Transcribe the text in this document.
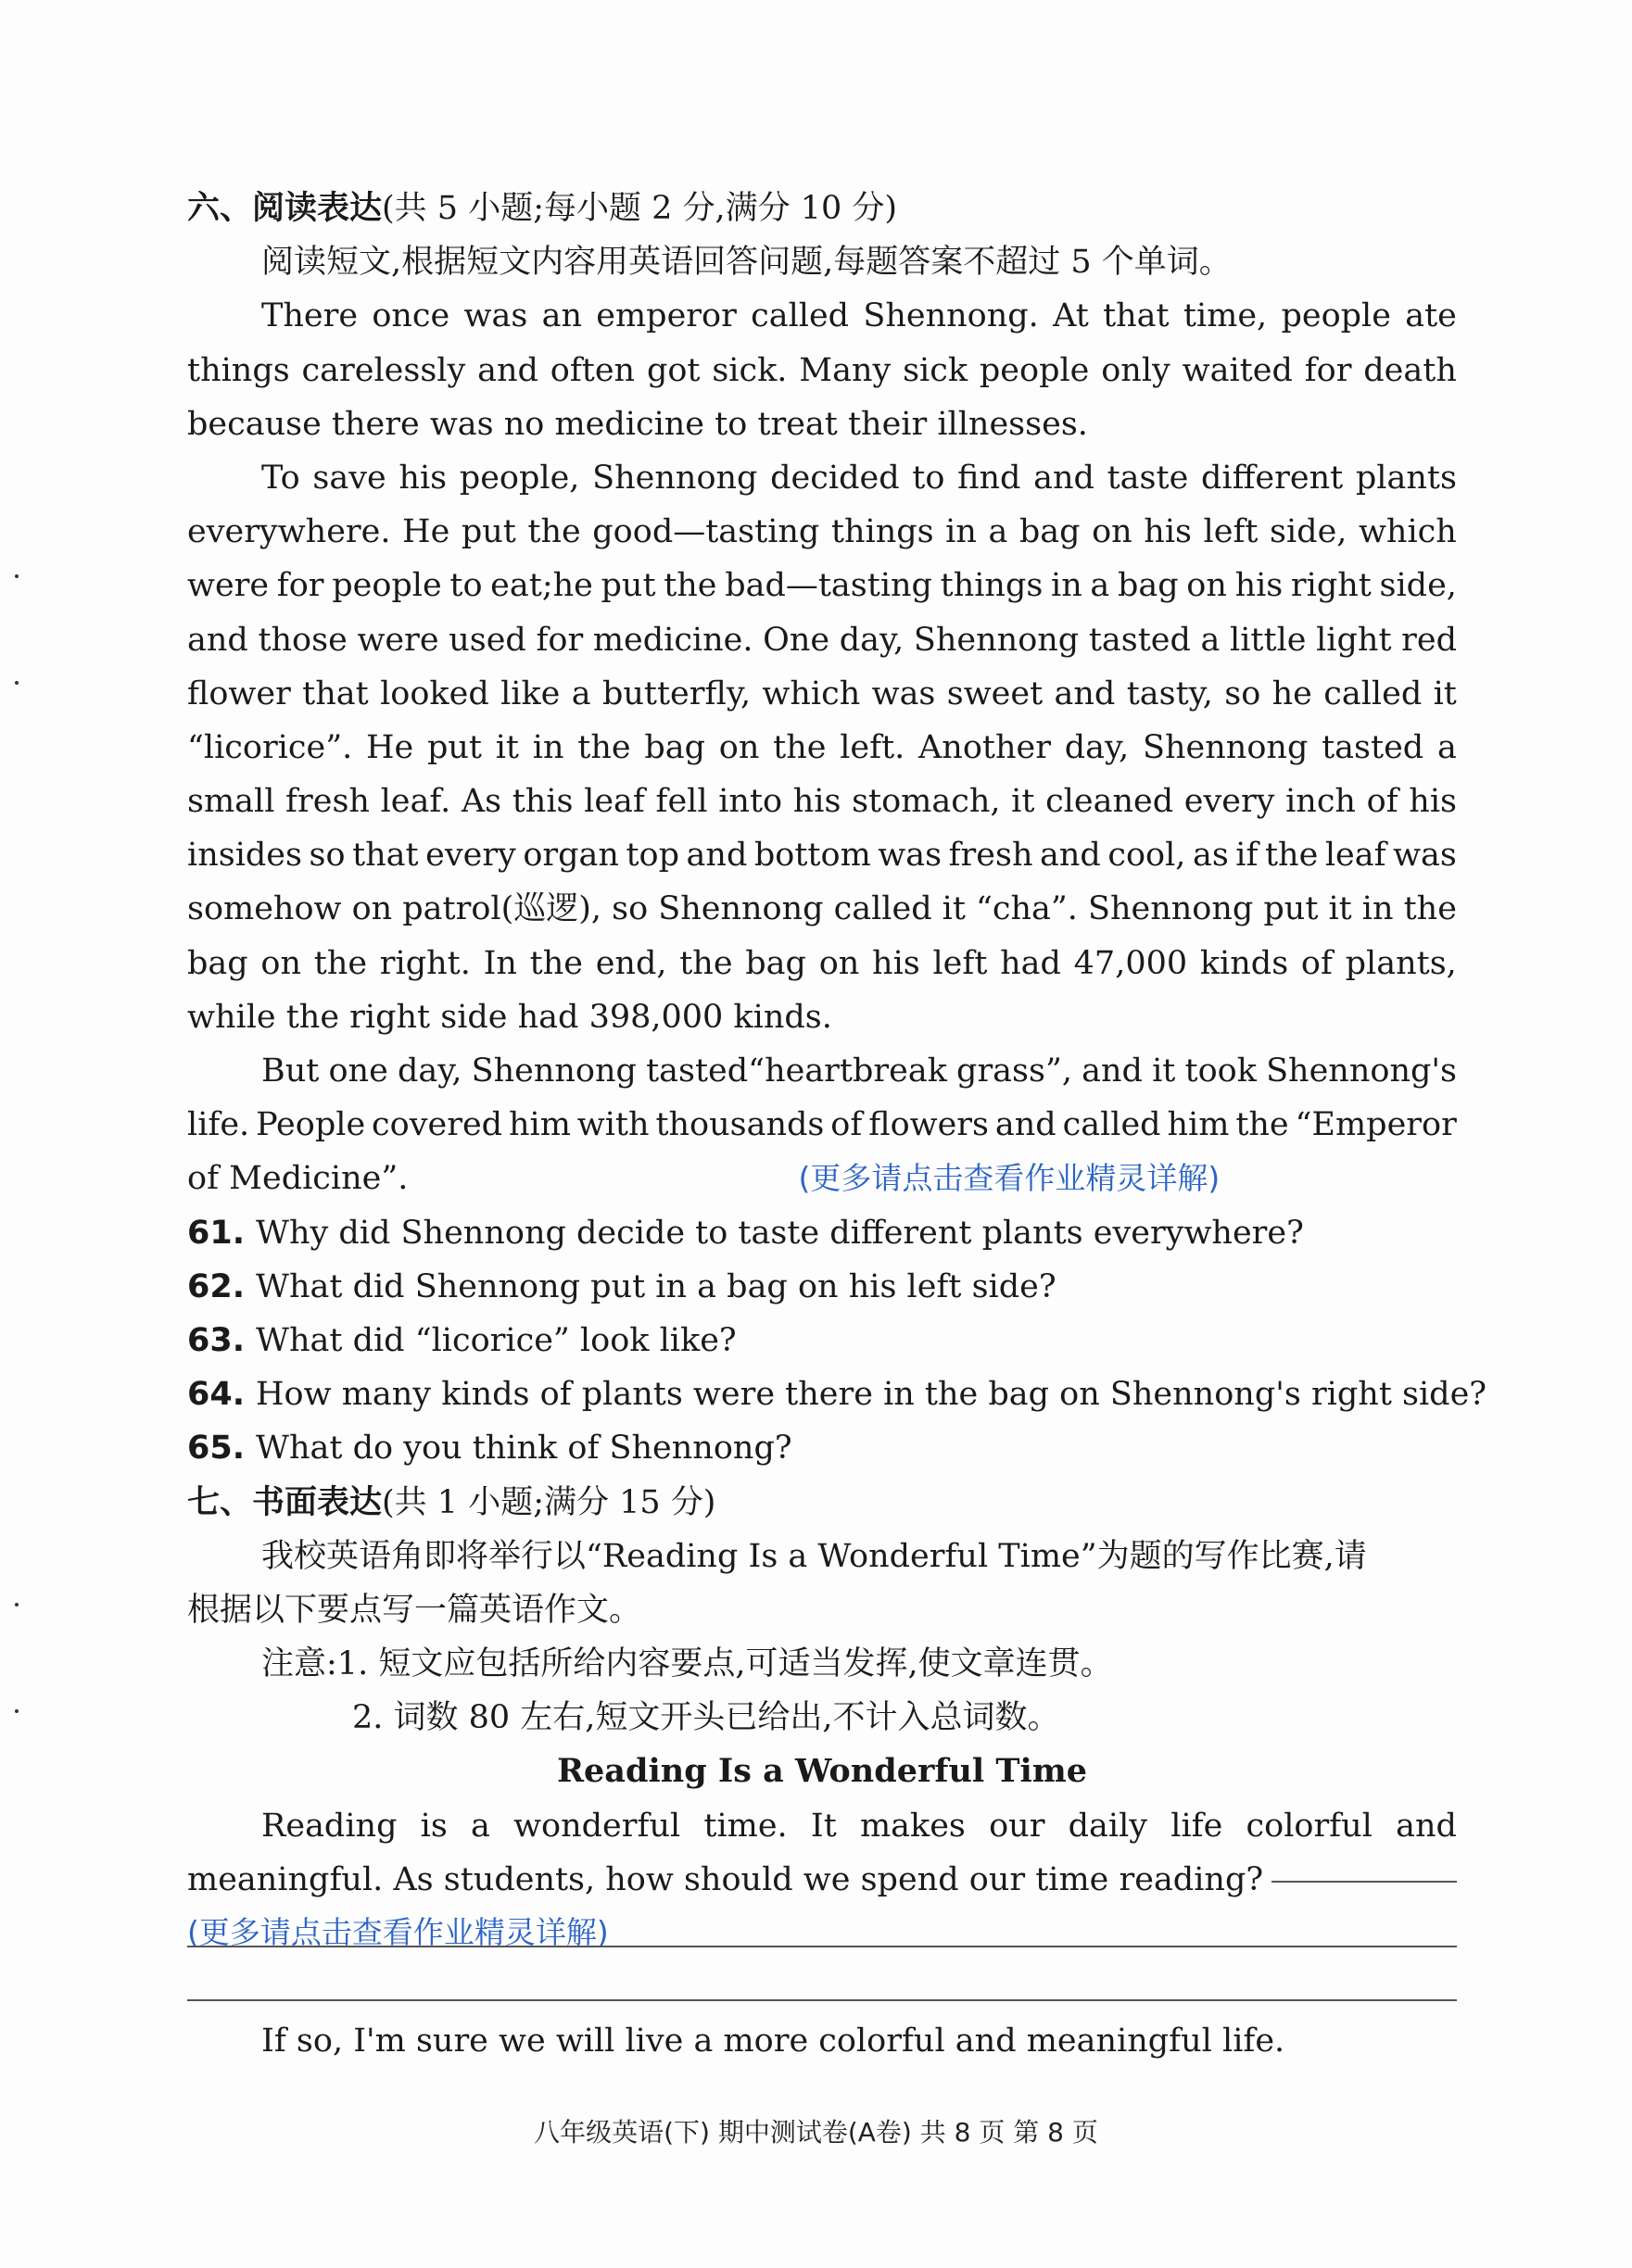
六、阅读表达(共 5 小题;每小题 2 分,满分 10 分)
阅读短文,根据短文内容用英语回答问题,每题答案不超过 5 个单词。
There once was an emperor called Shennong. At that time, people ate
things carelessly and often got sick. Many sick people only waited for death
because there was no medicine to treat their illnesses.
To save his people, Shennong decided to find and taste different plants
everywhere. He put the good—tasting things in a bag on his left side, which
were for people to eat;he put the bad—tasting things in a bag on his right side,
and those were used for medicine. One day, Shennong tasted a little light red
flower that looked like a butterfly, which was sweet and tasty, so he called it
“licorice”. He put it in the bag on the left. Another day, Shennong tasted a
small fresh leaf. As this leaf fell into his stomach, it cleaned every inch of his
insides so that every organ top and bottom was fresh and cool, as if the leaf was
somehow on patrol(巡逻), so Shennong called it “cha”. Shennong put it in the
bag on the right. In the end, the bag on his left had 47,000 kinds of plants,
while the right side had 398,000 kinds.
But one day, Shennong tasted“heartbreak grass”, and it took Shennong's
life. People covered him with thousands of flowers and called him the “Emperor
of Medicine”.	(更多请点击查看作业精灵详解)
61. Why did Shennong decide to taste different plants everywhere?
62. What did Shennong put in a bag on his left side?
63. What did “licorice” look like?
64. How many kinds of plants were there in the bag on Shennong's right side?
65. What do you think of Shennong?
七、书面表达(共 1 小题;满分 15 分)
我校英语角即将举行以“Reading Is a Wonderful Time”为题的写作比赛,请
根据以下要点写一篇英语作文。
注意:1. 短文应包括所给内容要点,可适当发挥,使文章连贯。
2. 词数 80 左右,短文开头已给出,不计入总词数。
Reading Is a Wonderful Time
Reading is a wonderful time. It makes our daily life colorful and
meaningful. As students, how should we spend our time reading?
(更多请点击查看作业精灵详解)
If so, I'm sure we will live a more colorful and meaningful life.
八年级英语(下) 期中测试卷(A卷) 共 8 页 第 8 页
